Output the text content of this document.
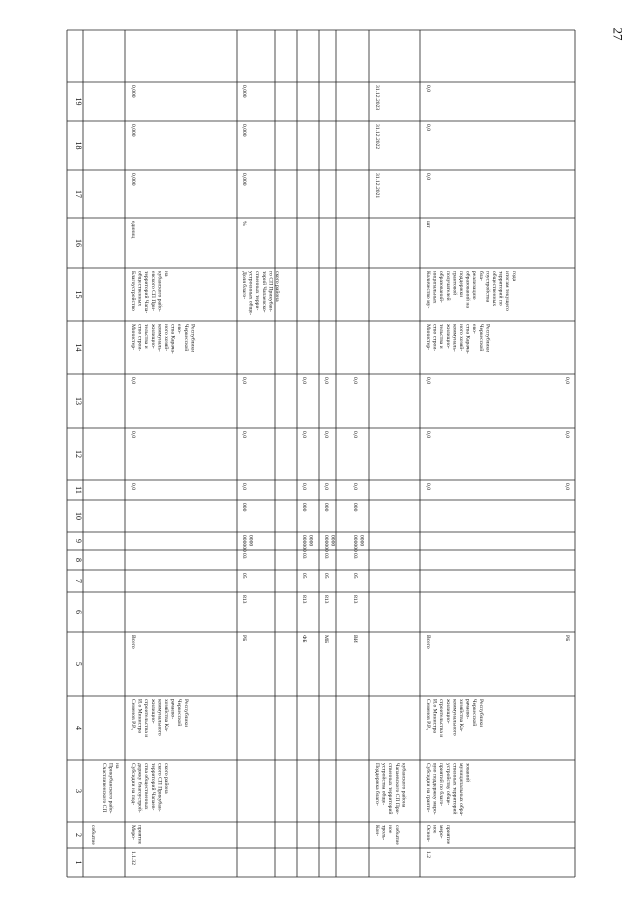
27
1
2
3
4
5
6
7
8
9
10
11
12
13
14
15
16
17
18
19
событие
Счастливенского СП Прикубанского райо- на
1.1.32
Меро- приятие
Субсидии на под- держку благоустрой- ства общественных территорий Чапаев- ского СП Прикубан- ского района
Семенов Р.Р., И.о Министра строительства и жилищно- коммунального хозяйства Ка- рачаево- Черкесской Республики
Всего
0,0
0,0
0,0
Министер- ство строи- тельства и жилищно- коммуналь- ного хозяй- ства Карача- ево- Черкесской Республики
Благоустройство общественных территорий Чапа- евского СП При- кубанского райо- на
единиц
0,000
0,000
0,000
Доля благо- устроенных обще- ственных терри- торий Чапаевско- го СП Прикубан- ского района
%
0,000
0,000
0,000
РБ
813
05
03
000000 0000
000
0,0
0,0
0,0
ФБ
813
05
03
000000 0000
000
0,0
0,0
0,0
МБ
813
05
03
000000 0000
000
0,0
0,0
0,0
ВИ
813
05
03
000000 0000
000
0,0
0,0
0,0
Кон- троль- ное событие
Поддержка благо- устройства обще- ственных территорий Чапаевского СП При- кубанского района
31.12.2021
31.12.2022
31.12.2023
1.2
Основ- ное меро- приятие
Субсидии на гранто- вую поддержку меро- приятий по благо- устройству обще- ственных территорий муниципальных обра- зований
Семенов Р.Р., И.о Министра строительства и жилищно- коммунального хозяйства Ка- рачаево- Черкесской Республики
Всего
0,0
0,0
0,0
Министер- ство строи- тельства и жилищно- коммуналь- ного хозяй- ства Карача- ево- Черкесской Республики
Количество му- ниципальных образований- получателей грантовой поддержки образований на реализацию бла- гоустройства общественных территорий по итогам текущего года
шт
0,0
0,0
0,0
РБ
0,0
0,0
0,0
